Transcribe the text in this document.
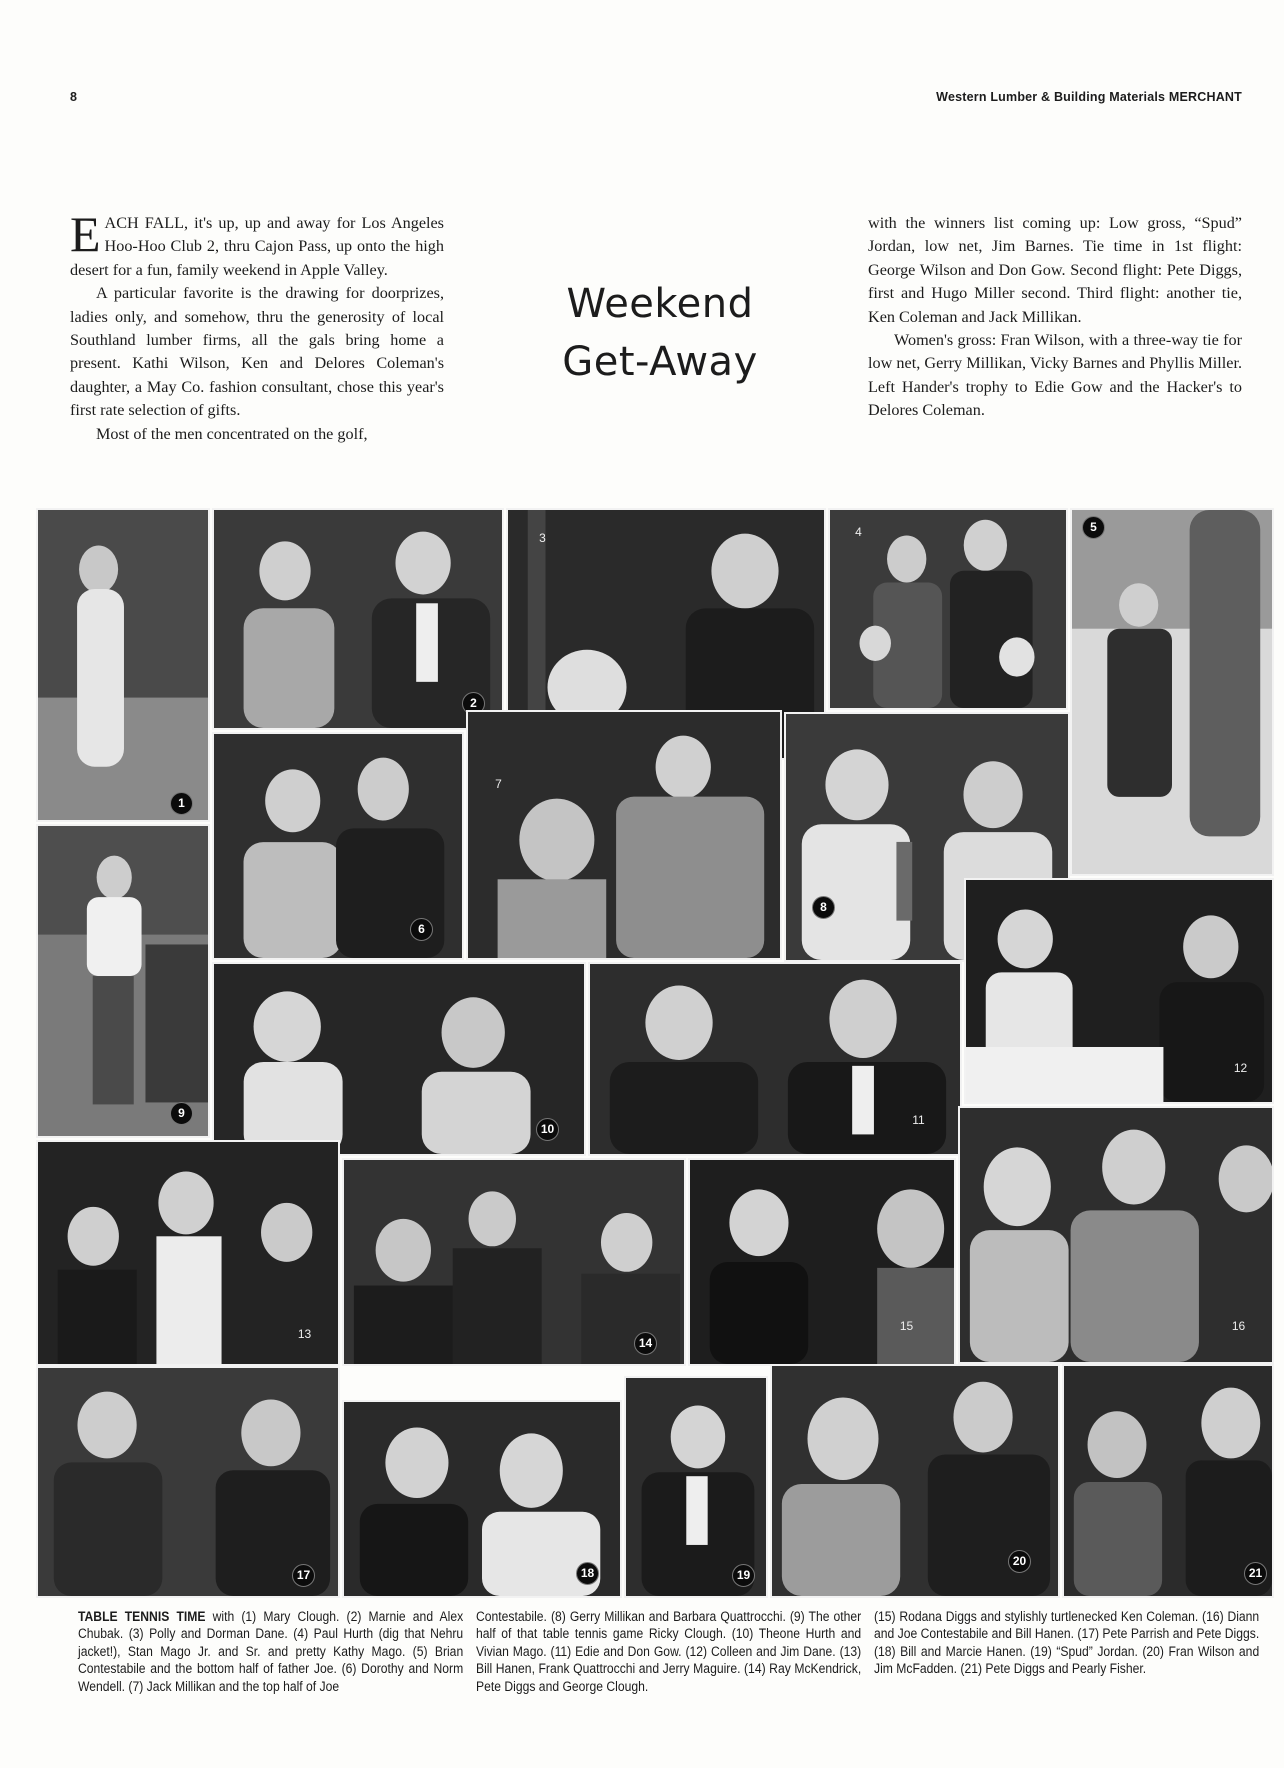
8	Western Lumber & Building Materials MERCHANT

EACH FALL, it's up, up and away for Los Angeles Hoo-Hoo Club 2, thru Cajon Pass, up onto the high desert for a fun, family weekend in Apple Valley.

A particular favorite is the drawing for doorprizes, ladies only, and somehow, thru the generosity of local Southland lumber firms, all the gals bring home a present. Kathi Wilson, Ken and Delores Coleman's daughter, a May Co. fashion consultant, chose this year's first rate selection of gifts.

Most of the men concentrated on the golf,

Weekend
Get-Away

with the winners list coming up: Low gross, “Spud” Jordan, low net, Jim Barnes. Tie time in 1st flight: George Wilson and Don Gow. Second flight: Pete Diggs, first and Hugo Miller second. Third flight: another tie, Ken Coleman and Jack Millikan.

Women's gross: Fran Wilson, with a three-way tie for low net, Gerry Millikan, Vicky Barnes and Phyllis Miller. Left Hander's trophy to Edie Gow and the Hacker's to Delores Coleman.

1
2
3	4	5
6
7
8
9
10
11
12
13
14
15	16
17	18	19
20
21
TABLE TENNIS TIME with (1) Mary Clough. (2) Marnie and Alex Chubak. (3) Polly and Dorman Dane. (4) Paul Hurth (dig that Nehru jacket!), Stan Mago Jr. and Sr. and pretty Kathy Mago. (5) Brian Contestabile and the bottom half of father Joe. (6) Dorothy and Norm Wendell. (7) Jack Millikan and the top half of Joe
Contestabile. (8) Gerry Millikan and Barbara Quattrocchi. (9) The other half of that table tennis game Ricky Clough. (10) Theone Hurth and Vivian Mago. (11) Edie and Don Gow. (12) Colleen and Jim Dane. (13) Bill Hanen, Frank Quattrocchi and Jerry Maguire. (14) Ray McKendrick, Pete Diggs and George Clough.
(15) Rodana Diggs and stylishly turtlenecked Ken Coleman. (16) Diann and Joe Contestabile and Bill Hanen. (17) Pete Parrish and Pete Diggs. (18) Bill and Marcie Hanen. (19) “Spud” Jordan. (20) Fran Wilson and Jim McFadden. (21) Pete Diggs and Pearly Fisher.
